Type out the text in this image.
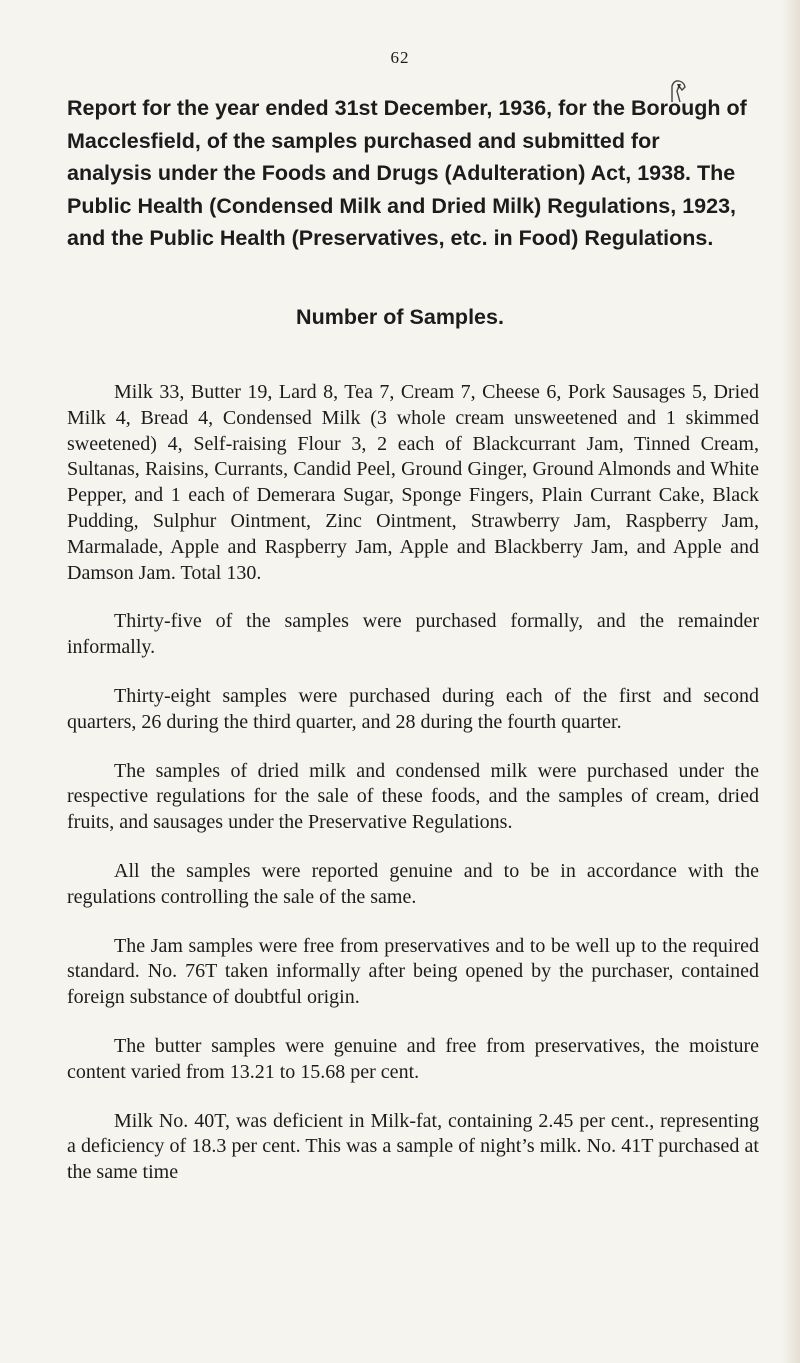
62
Report for the year ended 31st December, 1936, for the Borough of Macclesfield, of the samples purchased and submitted for analysis under the Foods and Drugs (Adulteration) Act, 1938. The Public Health (Condensed Milk and Dried Milk) Regulations, 1923, and the Public Health (Preservatives, etc. in Food) Regulations.
Number of Samples.

Milk 33, Butter 19, Lard 8, Tea 7, Cream 7, Cheese 6, Pork Sausages 5, Dried Milk 4, Bread 4, Condensed Milk (3 whole cream unsweetened and 1 skimmed sweetened) 4, Self-raising Flour 3, 2 each of Blackcurrant Jam, Tinned Cream, Sultanas, Raisins, Currants, Candid Peel, Ground Ginger, Ground Almonds and White Pepper, and 1 each of Demerara Sugar, Sponge Fingers, Plain Currant Cake, Black Pudding, Sulphur Ointment, Zinc Ointment, Strawberry Jam, Raspberry Jam, Marmalade, Apple and Raspberry Jam, Apple and Blackberry Jam, and Apple and Damson Jam. Total 130.

Thirty-five of the samples were purchased formally, and the remainder informally.

Thirty-eight samples were purchased during each of the first and second quarters, 26 during the third quarter, and 28 during the fourth quarter.

The samples of dried milk and condensed milk were purchased under the respective regulations for the sale of these foods, and the samples of cream, dried fruits, and sausages under the Preservative Regulations.

All the samples were reported genuine and to be in accordance with the regulations controlling the sale of the same.

The Jam samples were free from preservatives and to be well up to the required standard. No. 76T taken informally after being opened by the purchaser, contained foreign substance of doubtful origin.

The butter samples were genuine and free from preservatives, the moisture content varied from 13.21 to 15.68 per cent.

Milk No. 40T, was deficient in Milk-fat, containing 2.45 per cent., representing a deficiency of 18.3 per cent. This was a sample of night’s milk. No. 41T purchased at the same time
